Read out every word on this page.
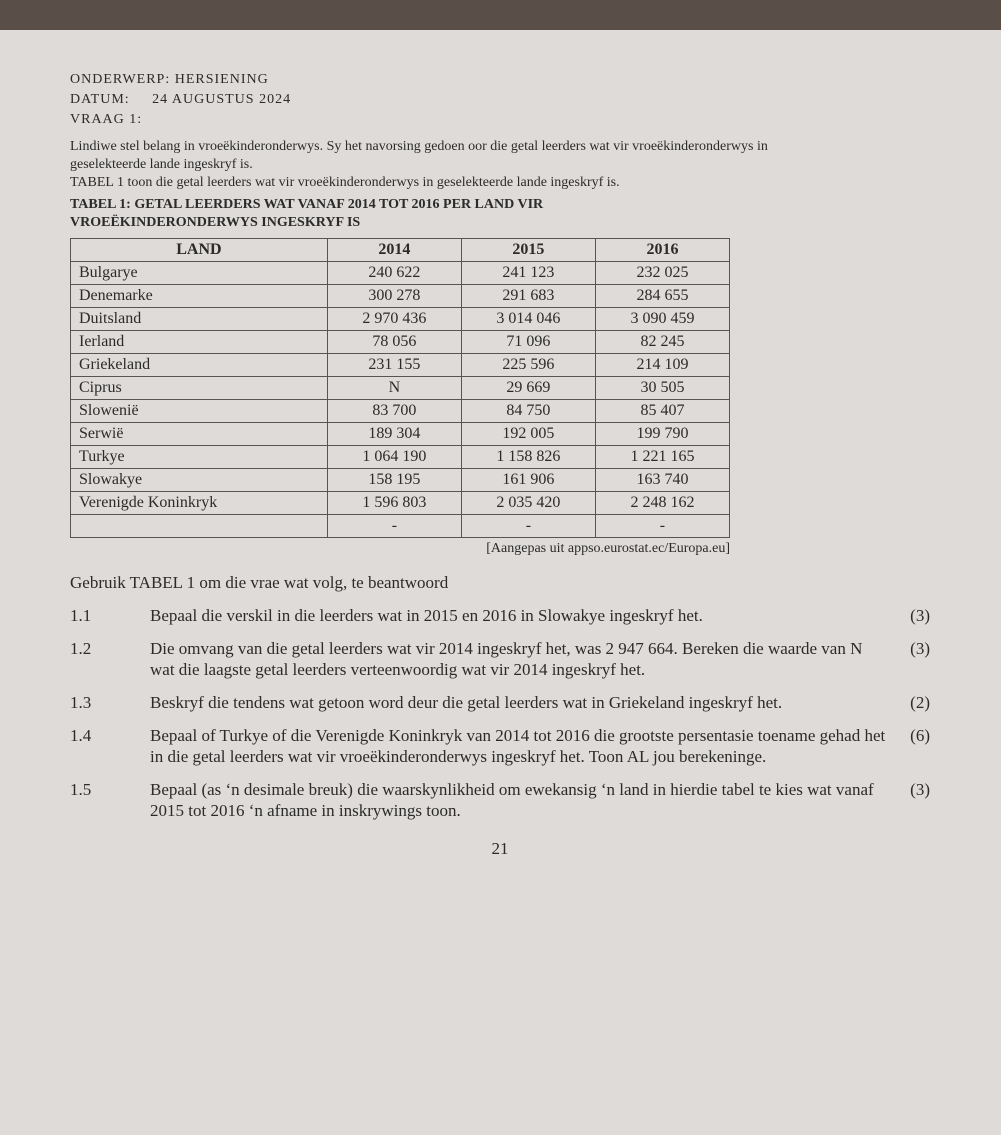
ONDERWERP: HERSIENING
DATUM: 24 AUGUSTUS 2024
VRAAG 1:
Lindiwe stel belang in vroeëkinderonderwys. Sy het navorsing gedoen oor die getal leerders wat vir vroeëkinderonderwys in geselekteerde lande ingeskryf is.
TABEL 1 toon die getal leerders wat vir vroeëkinderonderwys in geselekteerde lande ingeskryf is.
TABEL 1: GETAL LEERDERS WAT VANAF 2014 TOT 2016 PER LAND VIR VROEËKINDERONDERWYS INGESKRYF IS
LAND	2014	2015	2016
Bulgarye	240 622	241 123	232 025
Denemarke	300 278	291 683	284 655
Duitsland	2 970 436	3 014 046	3 090 459
Ierland	78 056	71 096	82 245
Griekeland	231 155	225 596	214 109
Ciprus	N	29 669	30 505
Slowenië	83 700	84 750	85 407
Serwië	189 304	192 005	199 790
Turkye	1 064 190	1 158 826	1 221 165
Slowakye	158 195	161 906	163 740
Verenigde Koninkryk	1 596 803	2 035 420	2 248 162
	-	-	-
[Aangepas uit appso.eurostat.ec/Europa.eu]
Gebruik TABEL 1 om die vrae wat volg, te beantwoord
1.1	Bepaal die verskil in die leerders wat in 2015 en 2016 in Slowakye ingeskryf het.	(3)
1.2	Die omvang van die getal leerders wat vir 2014 ingeskryf het, was 2 947 664. Bereken die waarde van N wat die laagste getal leerders verteenwoordig wat vir 2014 ingeskryf het.
(3)
1.3	Beskryf die tendens wat getoon word deur die getal leerders wat in Griekeland ingeskryf het.	(2)
1.4	Bepaal of Turkye of die Verenigde Koninkryk van 2014 tot 2016 die grootste persentasie toename gehad het in die getal leerders wat vir vroeëkinderonderwys ingeskryf het. Toon AL jou berekeninge.
(6)
1.5	Bepaal (as ‘n desimale breuk) die waarskynlikheid om ewekansig ‘n land in hierdie tabel te kies wat vanaf 2015 tot 2016 ‘n afname in inskrywings toon.
(3)
21
